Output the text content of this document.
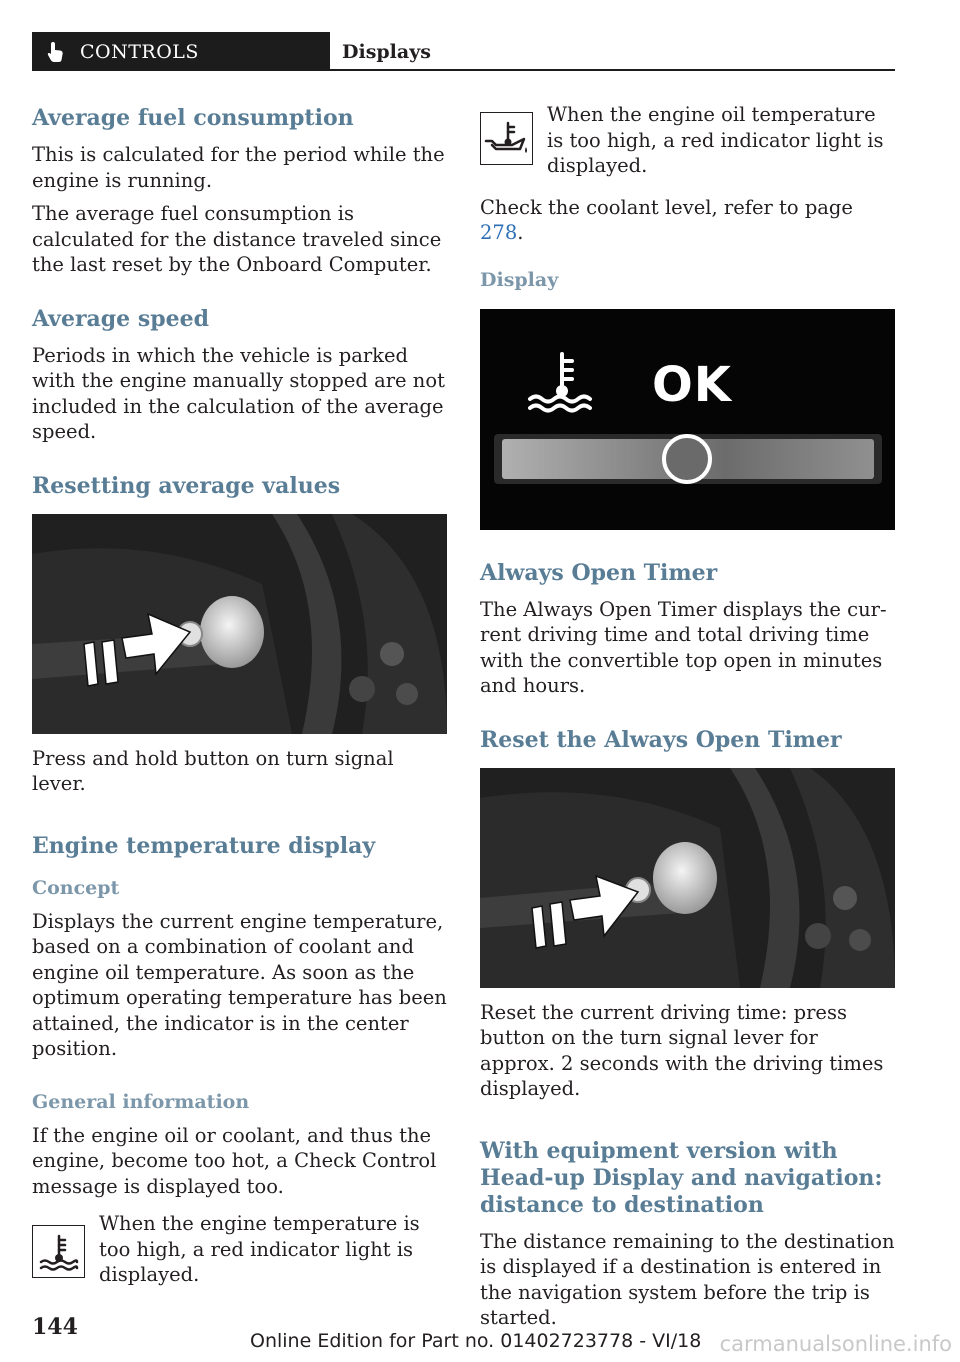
CONTROLS	Displays
Average fuel consumption

This is calculated for the period while the engine is running.

The average fuel consumption is calculated for the distance traveled since the last reset by the Onboard Computer.

Average speed

Periods in which the vehicle is parked with the engine manually stopped are not included in the calculation of the average speed.

Resetting average values

Press and hold button on turn signal lever.

Engine temperature display
Concept

Displays the current engine temperature, based on a combination of coolant and engine oil temperature. As soon as the optimum operating temperature has been attained, the indicator is in the center position.

General information

If the engine oil or coolant, and thus the engine, become too hot, a Check Control message is displayed too.

When the engine temperature is too high, a red indicator light is displayed.

When the engine oil temperature is too high, a red indicator light is displayed.

Check the coolant level, refer to page 278.

Display
OK
Always Open Timer

The Always Open Timer displays the current driving time and total driving time with the convertible top open in minutes and hours.

Reset the Always Open Timer

Reset the current driving time: press button on the turn signal lever for approx. 2 seconds with the driving times displayed.

With equipment version with Head-up Display and navigation: distance to destination

The distance remaining to the destination is displayed if a destination is entered in the navigation system before the trip is started.

144
Online Edition for Part no. 01402723778 - VI/18 carmanualsonline.info
